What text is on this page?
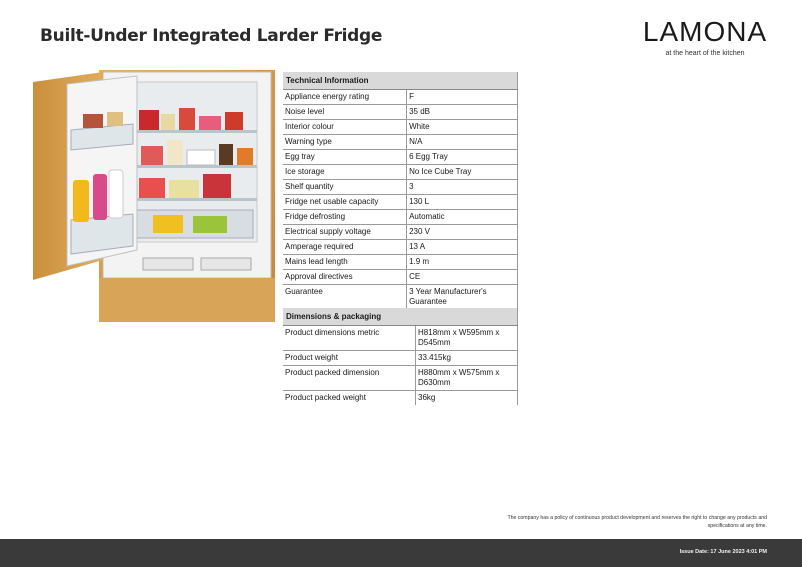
Built-Under Integrated Larder Fridge	LAMONA
at the heart of the kitchen
Technical Information	
Appliance energy rating	F
Noise level	35 dB
Interior colour	White
Warning type	N/A
Egg tray	6 Egg Tray
Ice storage	No Ice Cube Tray
Shelf quantity	3
Fridge net usable capacity	130 L
Fridge defrosting	Automatic
Electrical supply voltage	230 V
Amperage required	13 A
Mains lead length	1.9 m
Approval directives	CE
Guarantee	3 Year Manufacturer's Guarantee
Dimensions & packaging	
Product dimensions metric	H818mm x W595mm x D545mm
Product weight	33.415kg
Product packed dimension	H880mm x W575mm x D630mm
Product packed weight	36kg
The company has a policy of continuous product development and reserves the right to change any products and specifications at any time.
Issue Date: 17 June 2023 4:01 PM
